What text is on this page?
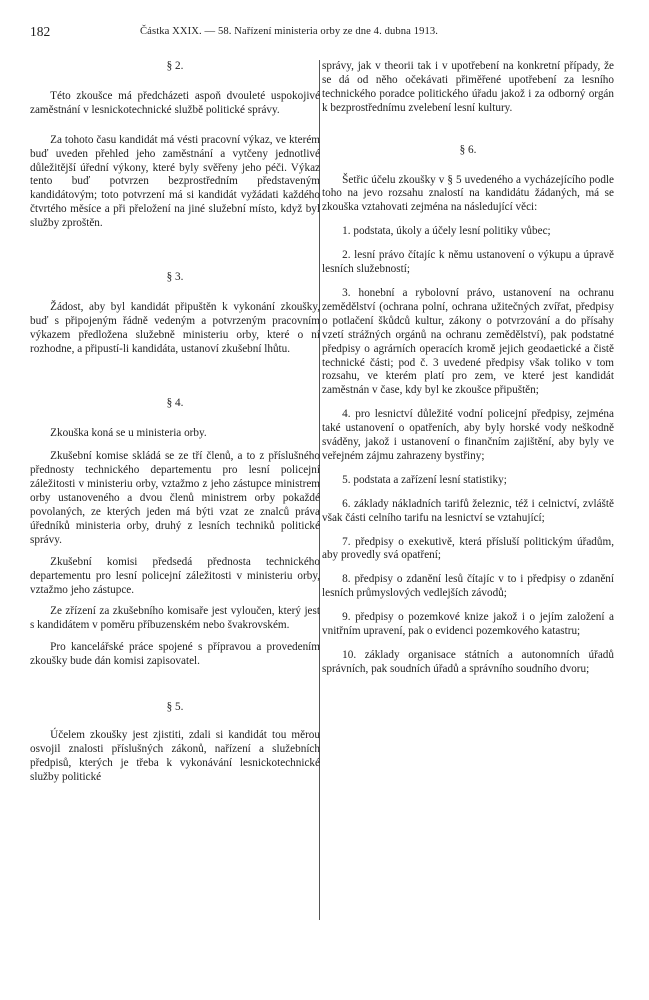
182	Částka XXIX. — 58. Nařízení ministeria orby ze dne 4. dubna 1913.
§ 2.

Této zkoušce má předcházeti aspoň dvouleté uspokojivé zaměstnání v lesnickotechnické službě politické správy.

Za tohoto času kandidát má vésti pracovní výkaz, ve kterém buď uveden přehled jeho zaměstnání a vytčeny jednotlivé důležitější úřední výkony, které byly svěřeny jeho péči. Výkaz tento buď potvrzen bezprostředním představeným kandidátovým; toto potvrzení má si kandidát vyžádati každého čtvrtého měsíce a při přeložení na jiné služební místo, když byl služby zproštěn.

§ 3.

Žádost, aby byl kandidát připuštěn k vykonání zkoušky, buď s připojeným řádně vedeným a potvrzeným pracovním výkazem předložena služebně ministeriu orby, které o ní rozhodne, a připustí-li kandidáta, ustanoví zkušební lhůtu.

§ 4.

Zkouška koná se u ministeria orby.

Zkušební komise skládá se ze tří členů, a to z příslušného přednosty technického departementu pro lesní policejní záležitosti v ministeriu orby, vztažmo z jeho zástupce ministrem orby ustanoveného a dvou členů ministrem orby pokaždé povolaných, ze kterých jeden má býti vzat ze znalců práva úředníků ministeria orby, druhý z lesních techniků politické správy.

Zkušební komisi předsedá přednosta technického departementu pro lesní policejní záležitosti v ministeriu orby, vztažmo jeho zástupce.

Ze zřízení za zkušebního komisaře jest vyloučen, který jest s kandidátem v poměru příbuzenském nebo švakrovském.

Pro kancelářské práce spojené s přípravou a provedením zkoušky bude dán komisi zapisovatel.

§ 5.

Účelem zkoušky jest zjistiti, zdali si kandidát tou měrou osvojil znalosti příslušných zákonů, nařízení a služebních předpisů, kterých je třeba k vykonávání lesnickotechnické služby politické

správy, jak v theorii tak i v upotřebení na konkretní případy, že se dá od něho očekávati přiměřené upotřebení za lesního technického poradce politického úřadu jakož i za odborný orgán k bezprostřednímu zvelebení lesní kultury.

§ 6.

Šetřic účelu zkoušky v § 5 uvedeného a vycházejícího podle toho na jevo rozsahu znalostí na kandidátu žádaných, má se zkouška vztahovati zejména na následující věci:

1. podstata, úkoly a účely lesní politiky vůbec;

2. lesní právo čítajíc k němu ustanovení o výkupu a úpravě lesních služebností;

3. honební a rybolovní právo, ustanovení na ochranu zemědělství (ochrana polní, ochrana užitečných zvířat, předpisy o potlačení škůdců kultur, zákony o potvrzování a do přísahy vzetí strážných orgánů na ochranu zemědělství), pak podstatné předpisy o agrárních operacích kromě jejich geodaetické a čistě technické části; pod č. 3 uvedené předpisy však toliko v tom rozsahu, ve kterém platí pro zem, ve které jest kandidát zaměstnán v čase, kdy byl ke zkoušce připuštěn;

4. pro lesnictví důležité vodní policejní předpisy, zejména také ustanovení o opatřeních, aby byly horské vody neškodně sváděny, jakož i ustanovení o finančním zajištění, aby byly ve veřejném zájmu zahrazeny bystřiny;

5. podstata a zařízení lesní statistiky;

6. základy nákladních tarifů železnic, též i celnictví, zvláště však části celního tarifu na lesnictví se vztahující;

7. předpisy o exekutivě, která přísluší politickým úřadům, aby provedly svá opatření;

8. předpisy o zdanění lesů čítajíc v to i předpisy o zdanění lesních průmyslových vedlejších závodů;

9. předpisy o pozemkové knize jakož i o jejím založení a vnitřním upravení, pak o evidenci pozemkového katastru;

10. základy organisace státních a autonomních úřadů správních, pak soudních úřadů a správního soudního dvoru;
